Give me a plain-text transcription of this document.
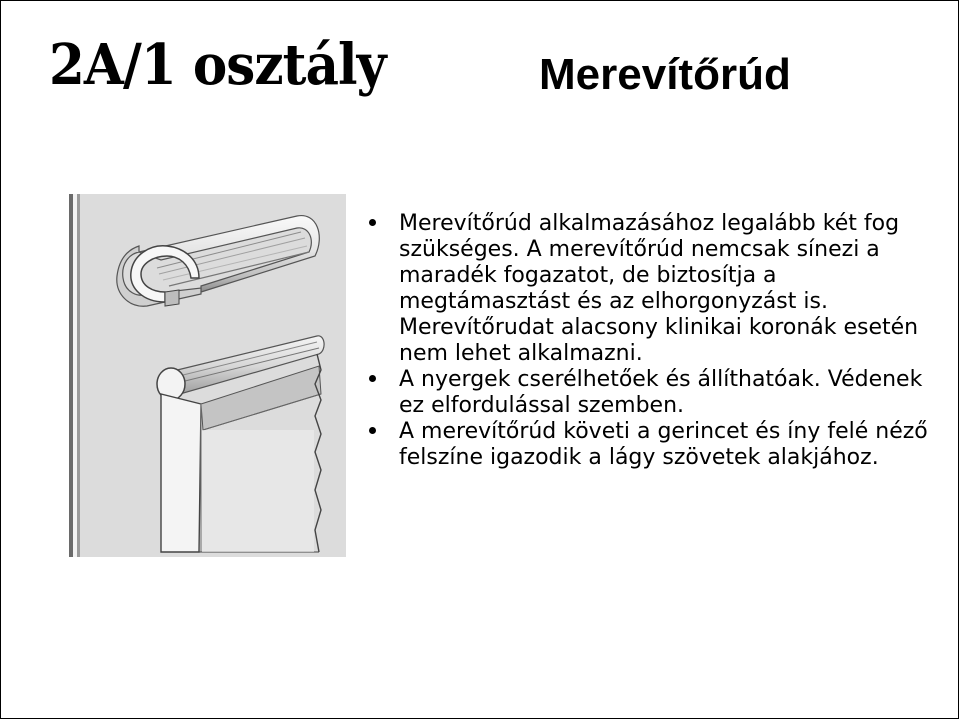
2A/1 osztály	Merevítőrúd
Merevítőrúd alkalmazásához legalább két fog szükséges. A merevítőrúd nemcsak sínezi a maradék fogazatot, de biztosítja a megtámasztást és az elhorgonyzást is. Merevítőrudat alacsony klinikai koronák esetén nem lehet alkalmazni.
A nyergek cserélhetőek és állíthatóak. Védenek ez elfordulással szemben.
A merevítőrúd követi a gerincet és íny felé néző felszíne igazodik a lágy szövetek alakjához.
